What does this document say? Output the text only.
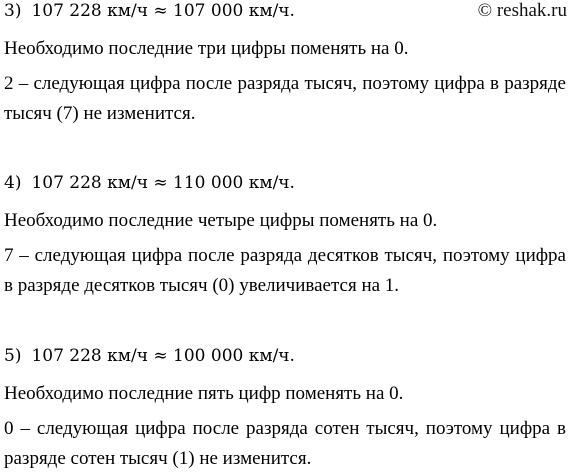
© reshak.ru
3) 107 228 км/ч ≈ 107 000 км/ч.

Необходимо последние три цифры поменять на 0.

2 – следующая цифра после разряда тысяч, поэтому цифра в разряде тысяч (7) не изменится.

4) 107 228 км/ч ≈ 110 000 км/ч.

Необходимо последние четыре цифры поменять на 0.

7 – следующая цифра после разряда десятков тысяч, поэтому цифра в разряде десятков тысяч (0) увеличивается на 1.

5) 107 228 км/ч ≈ 100 000 км/ч.

Необходимо последние пять цифр поменять на 0.

0 – следующая цифра после разряда сотен тысяч, поэтому цифра в разряде сотен тысяч (1) не изменится.
